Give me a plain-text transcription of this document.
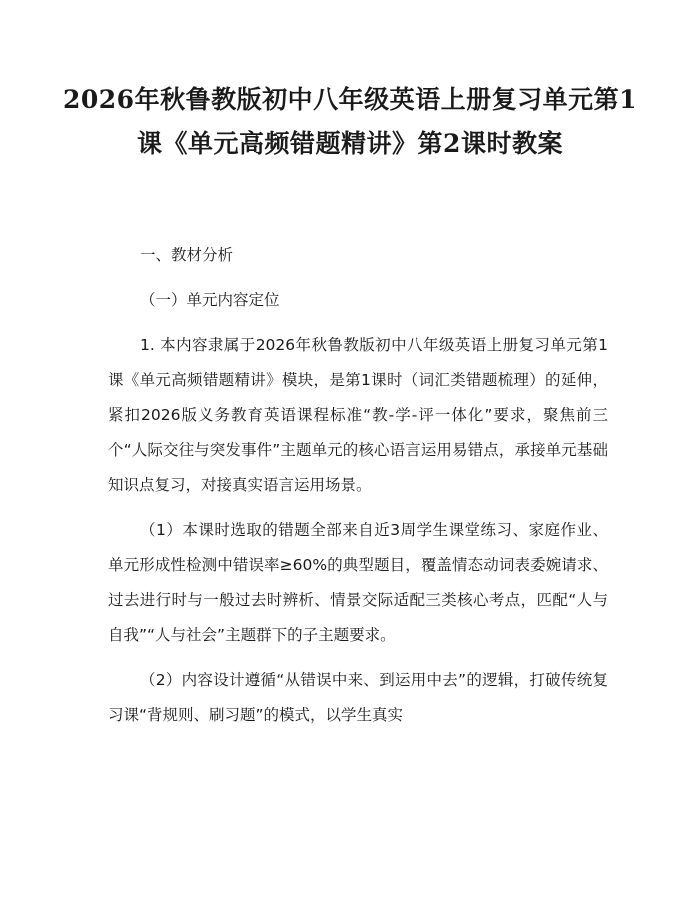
2026年秋鲁教版初中八年级英语上册复习单元第1课《单元高频错题精讲》第2课时教案

一、教材分析

（一）单元内容定位

1. 本内容隶属于2026年秋鲁教版初中八年级英语上册复习单元第1课《单元高频错题精讲》模块，是第1课时（词汇类错题梳理）的延伸，紧扣2026版义务教育英语课程标准“教-学-评一体化”要求，聚焦前三个“人际交往与突发事件”主题单元的核心语言运用易错点，承接单元基础知识点复习，对接真实语言运用场景。

（1）本课时选取的错题全部来自近3周学生课堂练习、家庭作业、单元形成性检测中错误率≥60%的典型题目，覆盖情态动词表委婉请求、过去进行时与一般过去时辨析、情景交际适配三类核心考点，匹配“人与自我”“人与社会”主题群下的子主题要求。

（2）内容设计遵循“从错误中来、到运用中去”的逻辑，打破传统复习课“背规则、刷习题”的模式，以学生真实
